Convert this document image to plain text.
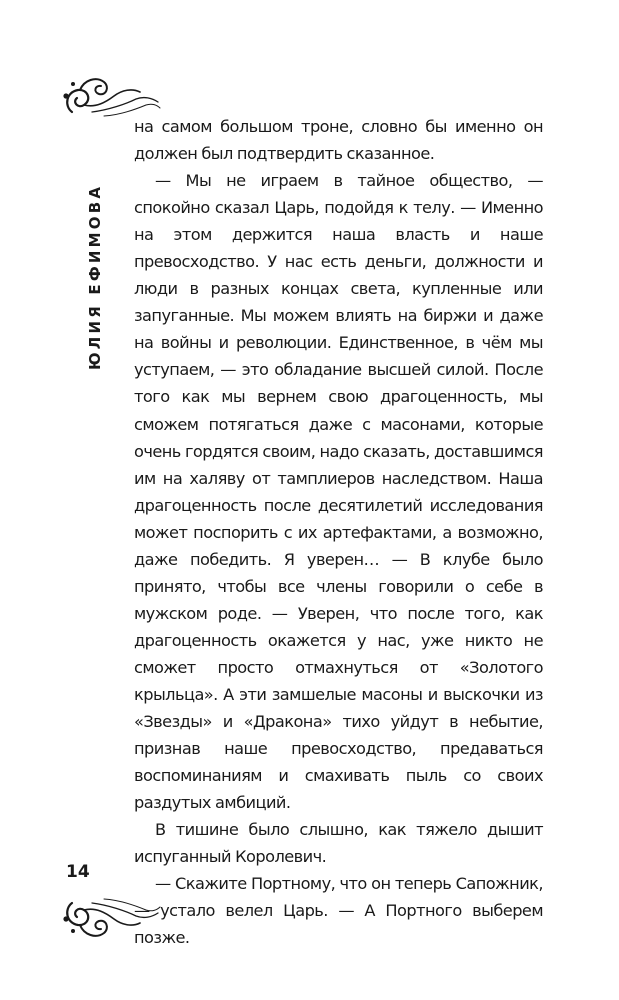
ЮЛИЯ ЕФИМОВА

на самом большом троне, словно бы именно он должен был подтвердить сказанное.

— Мы не играем в тайное общество, — спокойно сказал Царь, подойдя к телу. — Именно на этом держится наша власть и наше превосходство. У нас есть деньги, должности и люди в разных концах света, купленные или запуганные. Мы можем влиять на биржи и даже на войны и революции. Единственное, в чём мы уступаем, — это обладание высшей силой. После того как мы вернем свою драгоценность, мы сможем потягаться даже с масонами, которые очень гордятся своим, надо сказать, доставшимся им на халяву от тамплиеров наследством. Наша драгоценность после десятилетий исследования может поспорить с их артефактами, а возможно, даже победить. Я уверен… — В клубе было принято, чтобы все члены говорили о себе в мужском роде. — Уверен, что после того, как драгоценность окажется у нас, уже никто не сможет просто отмахнуться от «Золотого крыльца». А эти замшелые масоны и выскочки из «Звезды» и «Дракона» тихо уйдут в небытие, признав наше превосходство, предаваться воспоминаниям и смахивать пыль со своих раздутых амбиций.

В тишине было слышно, как тяжело дышит испуганный Королевич.

— Скажите Портному, что он теперь Сапожник, — устало велел Царь. — А Портного выберем позже.

14
